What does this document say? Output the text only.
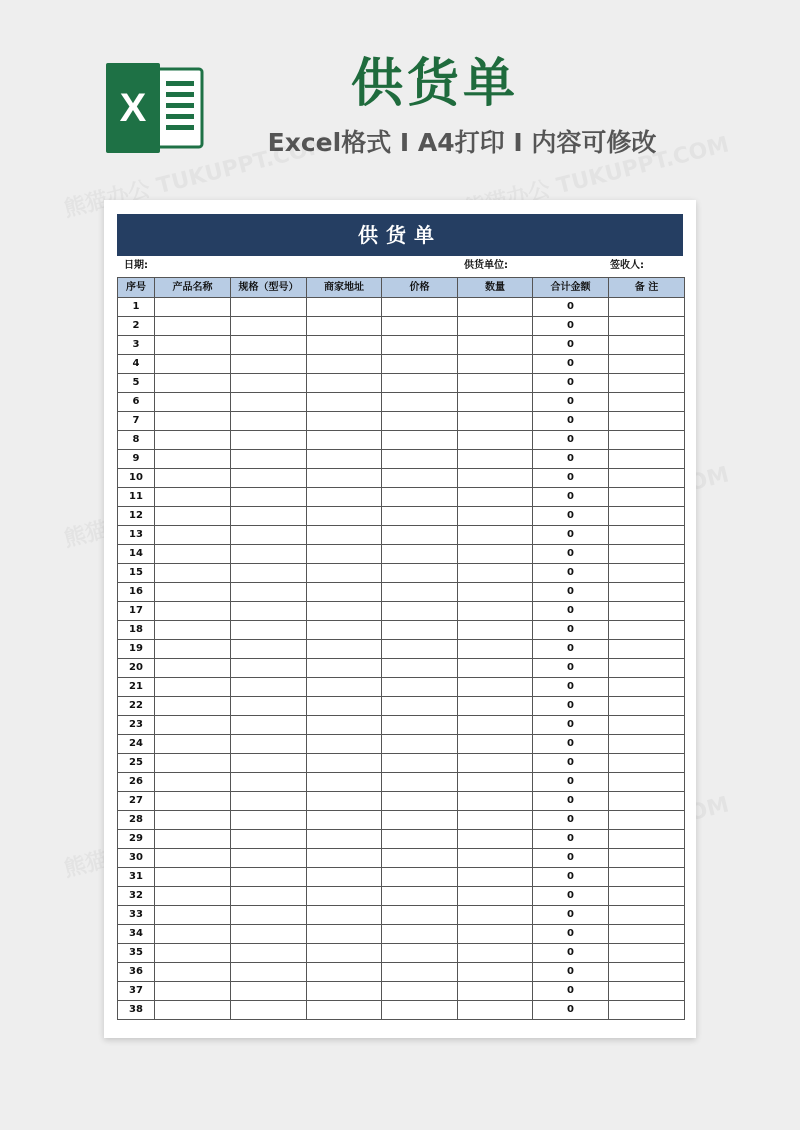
X	供货单
Excel格式 I A4打印 I 内容可修改
供货单
日期:	供货单位:	签收人:
序号	产品名称	规格（型号）	商家地址	价格	数量	合计金额	备 注
1						0	
2						0	
3						0	
4						0	
5						0	
6						0	
7						0	
8						0	
9						0	
10						0	
11						0	
12						0	
13						0	
14						0	
15						0	
16						0	
17						0	
18						0	
19						0	
20						0	
21						0	
22						0	
23						0	
24						0	
25						0	
26						0	
27						0	
28						0	
29						0	
30						0	
31						0	
32						0	
33						0	
34						0	
35						0	
36						0	
37						0	
38						0	
